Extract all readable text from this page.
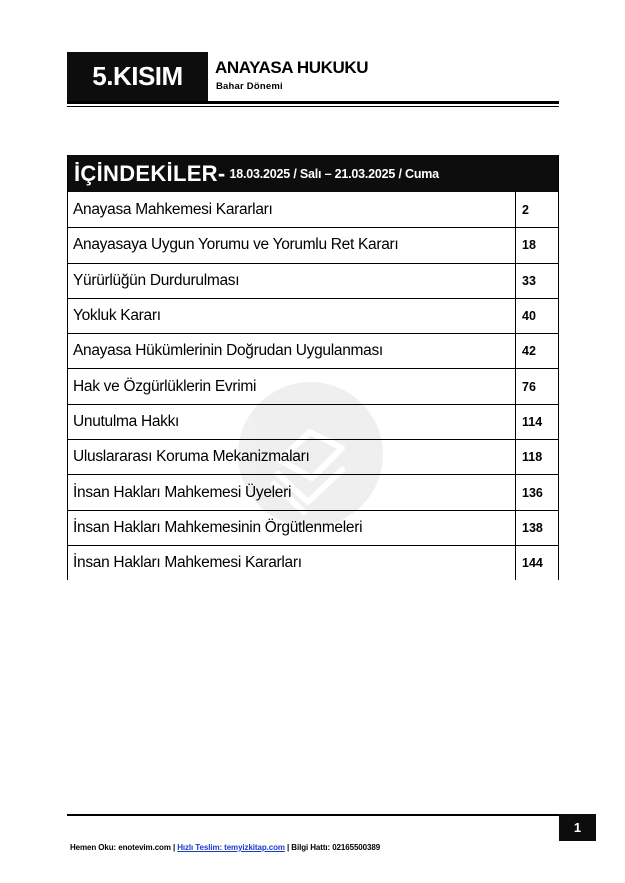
5.KISIM	ANAYASA HUKUKU
Bahar Dönemi
İÇİNDEKİLER- 18.03.2025 / Salı – 21.03.2025 / Cuma
Anayasa Mahkemesi Kararları	2
Anayasaya Uygun Yorumu ve Yorumlu Ret Kararı	18
Yürürlüğün Durdurulması	33
Yokluk Kararı	40
Anayasa Hükümlerinin Doğrudan Uygulanması	42
Hak ve Özgürlüklerin Evrimi	76
Unutulma Hakkı	114
Uluslararası Koruma Mekanizmaları	118
İnsan Hakları Mahkemesi Üyeleri	136
İnsan Hakları Mahkemesinin Örgütlenmeleri	138
İnsan Hakları Mahkemesi Kararları	144
1
Hemen Oku: enotevim.com | Hızlı Teslim: temyizkitap.com | Bilgi Hattı: 02165500389
